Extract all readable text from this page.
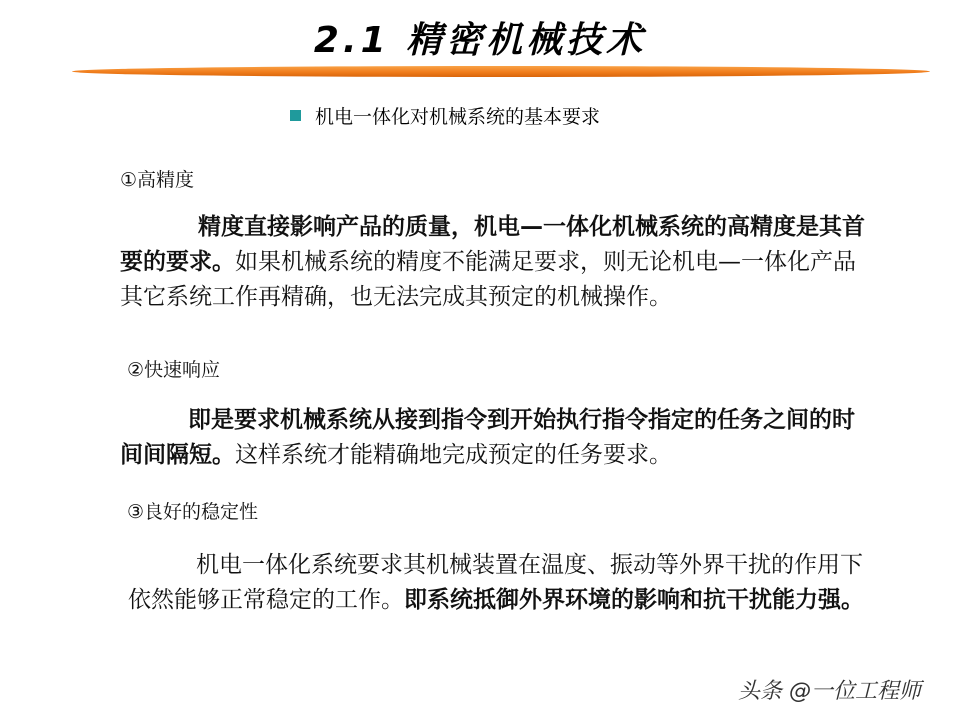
2.1 精密机械技术
机电一体化对机械系统的基本要求
①高精度
精度直接影响产品的质量，机电—一体化机械系统的高精度是其首要的要求。如果机械系统的精度不能满足要求，则无论机电—一体化产品其它系统工作再精确，也无法完成其预定的机械操作。
②快速响应
即是要求机械系统从接到指令到开始执行指令指定的任务之间的时间间隔短。这样系统才能精确地完成预定的任务要求。
③良好的稳定性
机电一体化系统要求其机械装置在温度、振动等外界干扰的作用下依然能够正常稳定的工作。即系统抵御外界环境的影响和抗干扰能力强。
头条 @一位工程师
